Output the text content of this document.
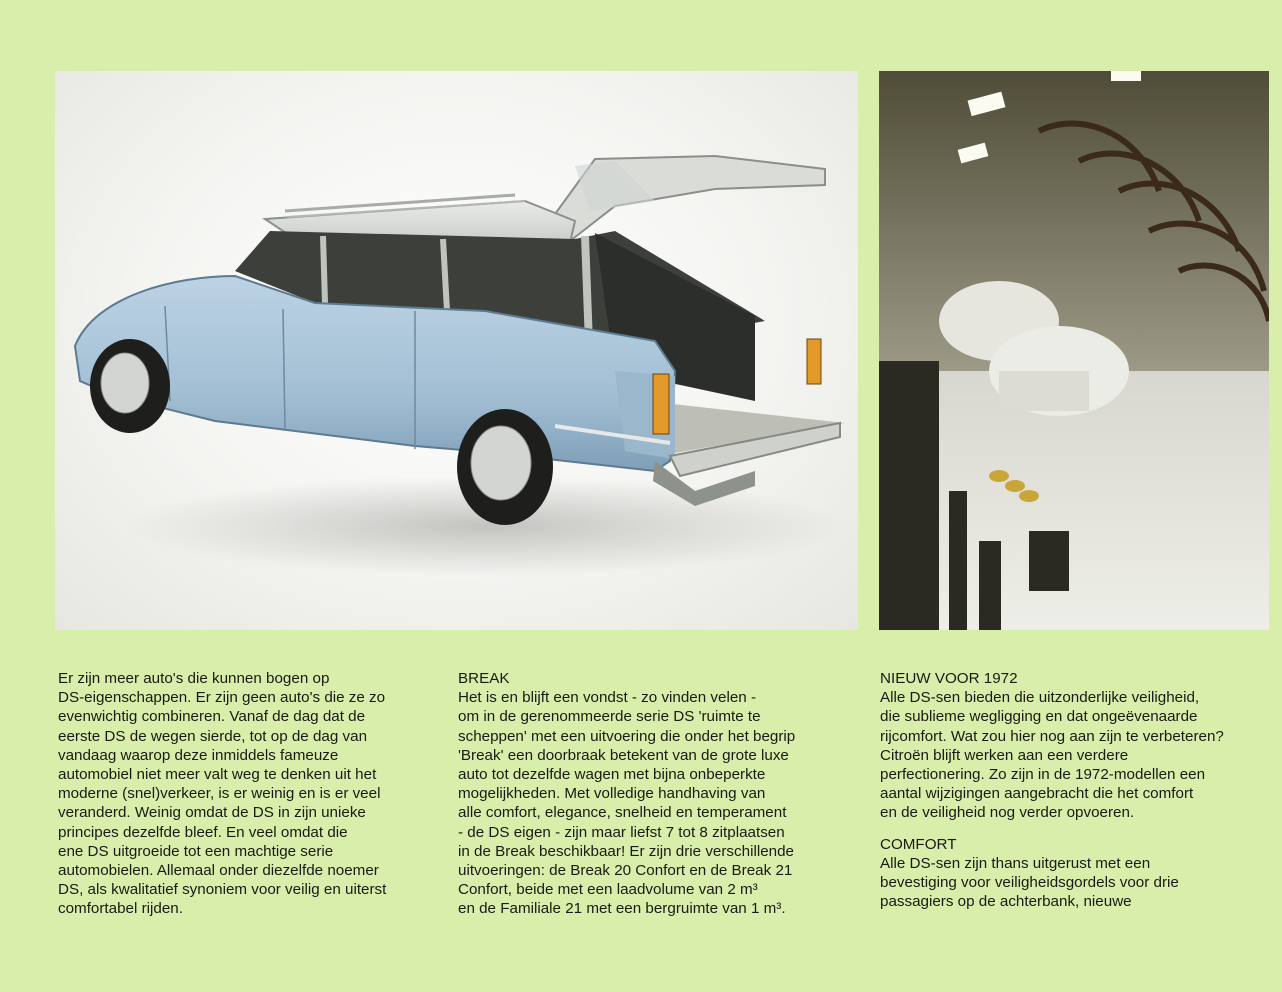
Er zijn meer auto's die kunnen bogen op
DS-eigenschappen. Er zijn geen auto's die ze zo
evenwichtig combineren. Vanaf de dag dat de
eerste DS de wegen sierde, tot op de dag van
vandaag waarop deze inmiddels fameuze
automobiel niet meer valt weg te denken uit het
moderne (snel)verkeer, is er weinig en is er veel
veranderd. Weinig omdat de DS in zijn unieke
principes dezelfde bleef. En veel omdat die
ene DS uitgroeide tot een machtige serie
automobielen. Allemaal onder diezelfde noemer
DS, als kwalitatief synoniem voor veilig en uiterst
comfortabel rijden.

BREAK

Het is en blijft een vondst - zo vinden velen -
om in de gerenommeerde serie DS 'ruimte te
scheppen' met een uitvoering die onder het begrip
'Break' een doorbraak betekent van de grote luxe
auto tot dezelfde wagen met bijna onbeperkte
mogelijkheden. Met volledige handhaving van
alle comfort, elegance, snelheid en temperament
- de DS eigen - zijn maar liefst 7 tot 8 zitplaatsen
in de Break beschikbaar! Er zijn drie verschillende
uitvoeringen: de Break 20 Confort en de Break 21
Confort, beide met een laadvolume van 2 m³
en de Familiale 21 met een bergruimte van 1 m³.

NIEUW VOOR 1972

Alle DS-sen bieden die uitzonderlijke veiligheid,
die sublieme wegligging en dat ongeëvenaarde
rijcomfort. Wat zou hier nog aan zijn te verbeteren?
Citroën blijft werken aan een verdere
perfectionering. Zo zijn in de 1972-modellen een
aantal wijzigingen aangebracht die het comfort
en de veiligheid nog verder opvoeren.

COMFORT

Alle DS-sen zijn thans uitgerust met een
bevestiging voor veiligheidsgordels voor drie
passagiers op de achterbank, nieuwe
